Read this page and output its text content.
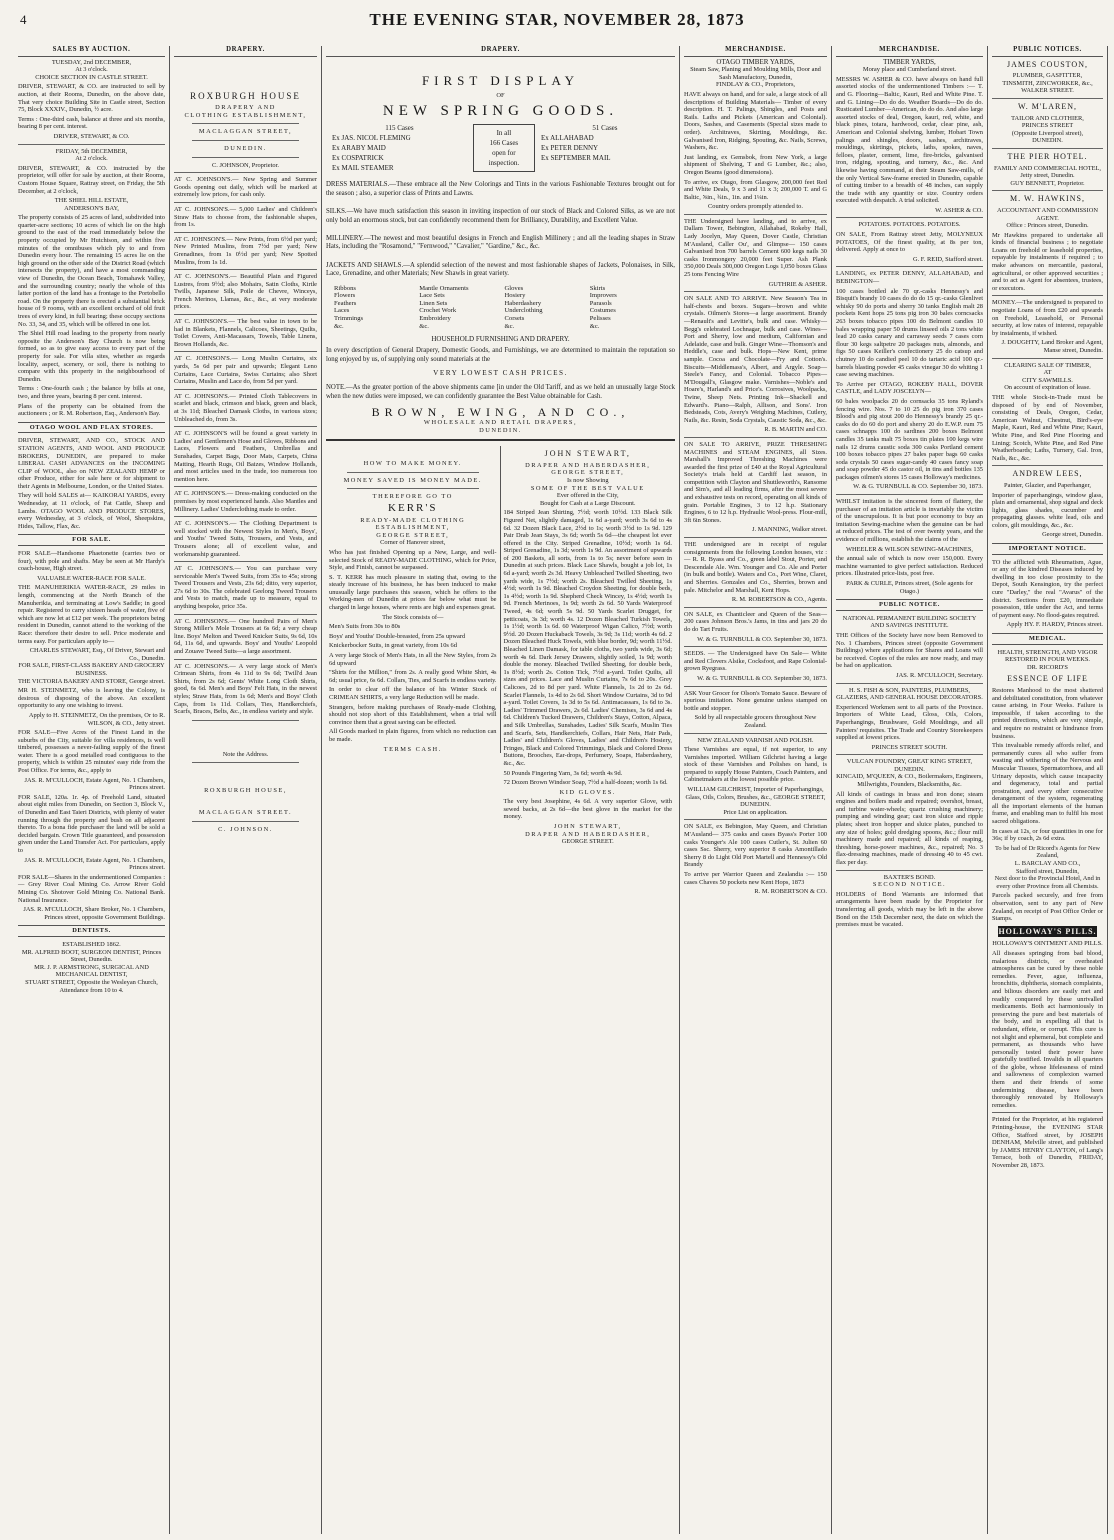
4	THE EVENING STAR, NOVEMBER 28, 1873
SALES BY AUCTION.
TUESDAY, 2nd DECEMBER,
At 3 o'clock.
CHOICE SECTION IN CASTLE STREET.
DRIVER, STEWART, & CO. are instructed to sell by auction, at their Rooms, Dunedin, on the above date, That very choice Building Site in Castle street, Section 75, Block XXXIV., Dunedin, ½ acre.
Terms : One-third cash, balance at three and six months, bearing 8 per cent. interest.
DRIVER, STEWART, & CO.
FRIDAY, 5th DECEMBER,
At 2 o'clock.
DRIVER, STEWART, & CO. instructed by the proprietor, will offer for sale by auction, at their Rooms, Custom House Square, Rattray street, on Friday, the 5th December, at 2 o'clock,
THE SHIEL HILL ESTATE,
ANDERSON'S BAY,
The property consists of 25 acres of land, subdivided into quarter-acre sections; 10 acres of which lie on the high ground to the east of the road immediately below the property occupied by Mr Hutchison, and within five minutes of the omnibuses which ply to and from Dunedin every hour. The remaining 15 acres lie on the high ground on the other side of the District Road (which intersects the property), and have a most commanding view of Dunedin, the Ocean Beach, Tomahawk Valley, and the surrounding country; nearly the whole of this latter portion of the land has a frontage to the Portobello road. On the property there is erected a substantial brick house of 9 rooms, with an excellent orchard of old fruit trees of every kind, in full bearing; these occupy sections No. 33, 34, and 35, which will be offered in one lot.
The Shiel Hill road leading to the property from nearly opposite the Anderson's Bay Church is now being formed, so as to give easy access to every part of the property for sale. For villa sites, whether as regards locality, aspect, scenery, or soil, there is nothing to compare with this property in the neighbourhood of Dunedin.
Terms : One-fourth cash ; the balance by bills at one, two, and three years, bearing 8 per cent. interest.
Plans of the property can be obtained from the auctioneers ; or R. M. Robertson, Esq., Anderson's Bay.
OTAGO WOOL AND FLAX STORES.
DRIVER, STEWART, AND CO., STOCK AND STATION AGENTS, AND WOOL AND PRODUCE BROKERS, DUNEDIN, are prepared to make LIBERAL CASH ADVANCES on the INCOMING CLIP of WOOL, also on NEW ZEALAND HEMP or other Produce, either for sale here or for shipment to their Agents in Melbourne, London, or the United States.
They will hold SALES at— KAIKORAI YARDS, every Wednesday, at 11 o'clock, of Fat Cattle, Sheep and Lambs. OTAGO WOOL AND PRODUCE STORES, every Wednesday, at 3 o'clock, of Wool, Sheepskins, Hides, Tallow, Flax, &c.
FOR SALE.
FOR SALE—Handsome Phaetonette (carries two or four), with pole and shafts. May be seen at Mr Hardy's coach-house, High street.
VALUABLE WATER-RACE FOR SALE.
THE MANUHERIKIA WATER-RACE, 29 miles in length, commencing at the North Branch of the Manuherikia, and terminating at Low's Saddle; in good repair. Registered to carry sixteen heads of water, five of which are now let at £12 per week. The proprietors being resident in Dunedin, cannot attend to the working of the Race: therefore their desire to sell. Price moderate and terms easy. For particulars apply to—
CHARLES STEWART, Esq., Of Driver, Stewart and Co., Dunedin.
FOR SALE, FIRST-CLASS BAKERY AND GROCERY BUSINESS.
THE VICTORIA BAKERY AND STORE, George street.
MR H. STEINMETZ, who is leaving the Colony, is desirous of disposing of the above. An excellent opportunity to any one wishing to invest.
Apply to H. STEINMETZ, On the premises, Or to R. WILSON, & CO., Jetty street.
FOR SALE—Five Acres of the Finest Land in the suburbs of the City, suitable for villa residences, is well timbered, possesses a never-failing supply of the finest water. There is a good metalled road contiguous to the property, which is within 25 minutes' easy ride from the Post Office. For terms, &c., apply to
JAS. R. M'CULLOCH, Estate Agent, No. 1 Chambers, Princes street.
FOR SALE, 120a. 1r. 4p. of Freehold Land, situated about eight miles from Dunedin, on Section 3, Block V., of Dunedin and East Taieri Districts, with plenty of water running through the property and bush on all adjacent thereto. To a bona fide purchaser the land will be sold a decided bargain. Crown Title guaranteed, and possession given under the Land Transfer Act. For particulars, apply to
JAS. R. M'CULLOCH, Estate Agent, No. 1 Chambers, Princes street.
FOR SALE—Shares in the undermentioned Companies :— Grey River Coal Mining Co. Arrow River Gold Mining Co. Shotover Gold Mining Co. National Bank. National Insurance.
JAS. R. M'CULLOCH, Share Broker, No. 1 Chambers, Princes street, opposite Government Buildings.
DENTISTS.
ESTABLISHED 1862.
MR. ALFRED BOOT, SURGEON DENTIST, Princes Street, Dunedin.
MR. J. P. ARMSTRONG, SURGICAL AND MECHANICAL DENTIST,
STUART STREET, Opposite the Wesleyan Church,
Attendance from 10 to 4.
DRAPERY.
ROXBURGH HOUSE
DRAPERY AND
CLOTHING ESTABLISHMENT,
MACLAGGAN STREET,
DUNEDIN.
C. JOHNSON, Proprietor.
AT C. JOHNSON'S.— New Spring and Summer Goods opening out daily, which will be marked at extremely low prices, for cash only.
AT C. JOHNSON'S.— 5,000 Ladies' and Children's Straw Hats to choose from, the fashionable shapes, from 1s.
AT C. JOHNSON'S.— New Prints, from 6½d per yard; New Printed Muslins, from 7½d per yard; New Grenadines, from 1s 0½d per yard; New Spotted Muslins, from 1s 1d.
AT C. JOHNSON'S.— Beautiful Plain and Figured Lustres, from 9½d; also Mohairs, Satin Cloths, Kirtle Twills, Japanese Silk, Poile de Chevre, Winceys, French Merinos, Llamas, &c., &c., at very moderate prices.
AT C. JOHNSON'S.— The best value in town to be had in Blankets, Flannels, Calicoes, Sheetings, Quilts, Toilet Covers, Anti-Macassars, Towels, Table Linens, Brown Hollands, &c.
AT C. JOHNSON'S.— Long Muslin Curtains, six yards, 5s 6d per pair and upwards; Elegant Leno Curtains, Lace Curtains, Swiss Curtains; also Short Curtains, Muslin and Lace do, from 5d per yard.
AT C. JOHNSON'S.— Printed Cloth Tablecovers in scarlet and black, crimson and black, green and black, at 3s 11d; Bleached Damask Cloths, in various sizes; Unbleached do, from 3s.
AT C. JOHNSON'S will be found a great variety in Ladies' and Gentlemen's Hose and Gloves, Ribbons and Laces, Flowers and Feathers, Umbrellas and Sunshades, Carpet Bags, Door Mats, Carpets, China Matting, Hearth Rugs, Oil Baizes, Window Hollands, and most articles used in the trade, too numerous too mention here.
AT C. JOHNSON'S.— Dress-making conducted on the premises by most experienced hands. Also Mantles and Millinery. Ladies' Underclothing made to order.
AT C. JOHNSON'S.— The Clothing Department is well stocked with the Newest Styles in Men's, Boys', and Youths' Tweed Suits, Trousers, and Vests, and Trousers alone; all of excellent value, and workmanship guaranteed.
AT C. JOHNSON'S.— You can purchase very serviceable Men's Tweed Suits, from 35s to 45s; strong Tweed Trousers and Vests, 23s 6d; ditto, very superior, 27s 6d to 30s. The celebrated Geelong Tweed Trousers and Vests to match, made up to measure, equal to anything bespoke, price 35s.
AT C. JOHNSON'S.— One hundred Pairs of Men's Strong Miller's Mole Trousers at 6s 6d; a very cheap line. Boys' Melton and Tweed Knicker Suits, 9s 6d, 10s 6d, 11s 6d, and upwards. Boys' and Youths' Leopold and Zouave Tweed Suits—a large assortment.
AT C. JOHNSON'S.— A very large stock of Men's Crimean Shirts, from 4s 11d to 9s 6d; Twill'd Jean Shirts, from 2s 6d; Gents' White Long Cloth Shirts, good, 6s 6d. Men's and Boys' Felt Hats, in the newest styles; Straw Hats, from 1s 6d; Men's and Boys' Cloth Caps, from 1s 11d. Collars, Ties, Handkerchiefs, Scarfs, Braces, Belts, &c., in endless variety and style.
Note the Address.
ROXBURGH HOUSE,
MACLAGGAN STREET.
C. JOHNSON.
DRAPERY.
FIRST DISPLAY
OF
NEW SPRING GOODS.
115 Cases
Ex JAS. NICOL FLEMING
Ex ARABY MAID
Ex COSPATRICK
Ex MAIL STEAMER
In all
166 Cases
open for
inspection.
51 Cases
Ex ALLAHABAD
Ex PETER DENNY
Ex SEPTEMBER MAIL
DRESS MATERIALS.—These embrace all the New Colorings and Tints in the various Fashionable Textures brought out for the season ; also, a superior class of Prints and Lawns.
SILKS.—We have much satisfaction this season in inviting inspection of our stock of Black and Colored Silks, as we are not only bold an enormous stock, but can confidently recommend them for Brilliancy, Durability, and Excellent Value.
MILLINERY.—The newest and most beautiful designs in French and English Millinery ; and all the leading shapes in Straw Hats, including the "Rosamond," "Fernwood," "Cavalier," "Gardine," &c., &c.
JACKETS AND SHAWLS.—A splendid selection of the newest and most fashionable shapes of Jackets, Polonaises, in Silk, Lace, Grenadine, and other Materials; New Shawls in great variety.
Ribbons
Flowers
Feathers
Laces
Trimmings
&c.
Mantle Ornaments
Lace Sets
Linen Sets
Crochet Work
Embroidery
&c.
Gloves
Hosiery
Haberdashery
Underclothing
Corsets
&c.
Skirts
Improvers
Parasols
Costumes
Pelisses
&c.
HOUSEHOLD FURNISHING AND DRAPERY.
In every description of General Drapery, Domestic Goods, and Furnishings, we are determined to maintain the reputation so long enjoyed by us, of supplying only sound materials at the
VERY LOWEST CASH PRICES.
NOTE.—As the greater portion of the above shipments came [in under the Old Tariff, and as we held an unusually large Stock when the new duties were imposed, we can confidently guarantee the Best Value obtainable for Cash.
BROWN, EWING, AND CO.,
WHOLESALE AND RETAIL DRAPERS,
DUNEDIN.
HOW TO MAKE MONEY.
MONEY SAVED IS MONEY MADE.
THEREFORE GO TO
KERR'S
READY-MADE CLOTHING
ESTABLISHMENT,
GEORGE STREET,
Corner of Hanover street,
Who has just finished Opening up a New, Large, and well-selected Stock of READY-MADE CLOTHING, which for Price, Style, and Finish, cannot be surpassed.
S. T. KERR has much pleasure in stating that, owing to the steady increase of his business, he has been induced to make unusually large purchases this season, which he offers to the Working-men of Dunedin at prices far below what must be charged in large houses, where rents are high and expenses great.
The Stock consists of—
Men's Suits from 30s to 80s
Boys' and Youths' Double-breasted, from 25s upward
Knickerbocker Suits, in great variety, from 10s 6d
A very large Stock of Men's Hats, in all the New Styles, from 2s 6d upward
"Shirts for the Million," from 2s. A really good White Shirt, 4s 6d; usual price, 6s 6d. Collars, Ties, and Scarfs in endless variety.
In order to clear off the balance of his Winter Stock of CRIMEAN SHIRTS, a very large Reduction will be made.
Strangers, before making purchases of Ready-made Clothing, should not stop short of this Establishment, when a trial will convince them that a great saving can be effected.
All Goods marked in plain figures, from which no reduction can be made.
TERMS CASH.
JOHN STEWART,
DRAPER AND HABERDASHER,
GEORGE STREET,
Is now Showing
SOME OF THE BEST VALUE
Ever offered in the City,
Bought for Cash at a Large Discount.
184 Striped Jean Shirting, 7½d; worth 10½d. 133 Black Silk Figured Net, slightly damaged, 1s 6d a-yard; worth 3s 6d to 4s 6d. 32 Dozen Black Lace, 2½d to 1s; worth 3½d to 1s 9d. 129 Pair Drab Jean Stays, 3s 6d; worth 5s 6d—the cheapest lot ever offered in the City. Striped Grenadine, 10½d; worth 1s 6d. Striped Grenadine, 1s 3d; worth 1s 9d. An assortment of upwards of 200 Baskets, all sorts, from 1s to 5s; never before seen in Dunedin at such prices. Black Lace Shawls, bought a job lot, 1s 6d a-yard; worth 2s 3d. Heavy Unbleached Twilled Sheeting, two yards wide, 1s 7½d; worth 2s. Bleached Twilled Sheeting, 1s 4½d; worth 1s 9d. Bleached Croydon Sheeting, for double beds, 1s 4½d; worth 1s 9d. Shepherd Check Wincey, 1s 4½d; worth 1s 9d. French Merinoes, 1s 9d; worth 2s 6d. 50 Yards Waterproof Tweed, 4s 6d; worth 5s 9d. 50 Yards Scarlet Drugget, for petticoats, 3s 3d; worth 4s. 12 Dozen Bleached Turkish Towels, 1s 1½d; worth 1s 6d. 60 Waterproof Wigan Calico, 7½d; worth 9½d. 20 Dozen Huckaback Towels, 3s 9d; 3s 11d; worth 4s 6d. 2 Dozen Bleached Huck Towels, with blue border, 9d; worth 11½d. Bleached Linen Damask, for table cloths, two yards wide, 3s 6d; worth 4s 6d. Dark Jersey Drawers, slightly soiled, 1s 9d; worth double the money. Bleached Twilled Sheeting, for double beds, 1s 8½d; worth 2s. Cotton Tick, 7½d a-yard. Toilet Quilts, all sizes and prices. Lace and Muslin Curtains, 7s 6d to 20s. Grey Calicoes, 2d to 8d per yard. White Flannels, 1s 2d to 2s 6d. Scarlet Flannels, 1s 4d to 2s 6d. Short Window Curtains, 3d to 9d a-yard. Toilet Covers, 1s 3d to 5s 6d. Antimacassars, 1s 6d to 3s. Ladies' Trimmed Drawers, 2s 6d. Ladies' Chemises, 3s 6d and 4s 6d. Children's Tucked Drawers, Children's Stays, Cotton, Alpaca, and Silk Umbrellas, Sunshades, Ladies' Silk Scarfs, Muslin Ties and Scarfs, Sets, Handkerchiefs, Collars, Hair Nets, Hair Pads, Ladies' and Children's Gloves, Ladies' and Children's Hosiery, Fringes, Black and Colored Trimmings, Black and Colored Dress Buttons, Brooches, Ear-drops, Perfumery, Soaps, Haberdashery, &c., &c.
50 Pounds Fingering Yarn, 3s 6d; worth 4s 9d.
72 Dozen Brown Windsor Soap, 7½d a half-dozen; worth 1s 6d.
KID GLOVES.
The very best Josephine, 4s 6d. A very superior Glove, with sewed backs, at 2s 6d—the best glove in the market for the money.
JOHN STEWART,
DRAPER AND HABERDASHER,
GEORGE STREET.
MERCHANDISE.
OTAGO TIMBER YARDS,
Steam Saw, Planing and Moulding Mills, Door and Sash Manufactory, Dunedin,
FINDLAY & CO., Proprietors,
HAVE always on hand, and for sale, a large stock of all descriptions of Building Materials— Timber of every description. H. T. Palings, Shingles, and Posts and Rails. Laths and Pickets (American and Colonial). Doors, Sashes, and Casements (Special sizes made to order). Architraves, Skirting, Mouldings, &c. Galvanised Iron, Ridging, Spouting, &c. Nails, Screws, Washers, &c.
Just landing, ex Gemsbok, from New York, a large shipment of Shelving, T and G Lumber, &c.; also, Oregon Beams (good dimensions).
To arrive, ex Otago, from Glasgow, 200,000 feet Red and White Deals, 9 x 3 and 11 x 3; 200,000 T. and G Baltic, ⅝in., ¾in., 1in. and 1¼in.
Country orders promptly attended to.
THE Undersigned have landing, and to arrive, ex Dallam Tower, Bebington, Allahabad, Rokeby Hall, Lady Jocelyn, May Queen, Dover Castle, Christian M'Ausland, Caller Ou', and Glimpse— 150 cases Galvanised Iron 700 barrels Cement 600 kegs nails 30 casks Ironmongery 20,000 feet Super. Ash Plank 350,000 Deals 300,000 Oregon Logs 1,050 boxes Glass 25 tons Fencing Wire
GUTHRIE & ASHER.
ON SALE AND TO ARRIVE. New Season's Tea in half-chests and boxes. Sugars—brown and white crystals. Oilmen's Stores—a large assortment. Brandy—Renault's and Levitte's, bulk and case. Whisky—Begg's celebrated Lochnagar, bulk and case. Wines—Port and Sherry, low and medium, Californian and Adelaide, case and bulk. Ginger Wine—Thomson's and Heddle's, case and bulk. Hops—New Kent, prime sample. Cocoa and Chocolate—Fry and Cotton's. Biscuits—Middlemass's, Albert, and Argyle. Soap—Steele's Fancy, and Colonial. Tobacco Pipes—M'Dougall's, Glasgow make. Varnishes—Noble's and Hoare's, Harland's and Price's. Corrosives, Woolpacks, Twine, Sheep Nets. Printing Ink—Shackell and Edward's. Piano—Ralph, Allison, and Sons'. Iron Bedsteads, Cots, Avery's Weighing Machines, Cutlery, Nails, &c. Resin, Soda Crystals, Caustic Soda, &c., &c.
R. B. MARTIN and CO.
ON SALE TO ARRIVE, PRIZE THRESHING MACHINES and STEAM ENGINES, all Sizes. Marshall's Improved Threshing Machines were awarded the first prize of £40 at the Royal Agricultural Society's trials held at Cardiff last season, in competition with Clayton and Shuttleworth's, Ransome and Sim's, and all leading firms, after the most severe and exhaustive tests on record, operating on all kinds of grain. Portable Engines, 3 to 12 h.p. Stationary Engines, 6 to 12 h.p. Hydraulic Wool-press. Flour-mill, 3ft 6in Stones.
J. MANNING, Walker street.
THE undersigned are in receipt of regular consignments from the following London houses, viz :— R. R. Byass and Co., green label Stout, Porter, and Descendale Ale. Wm. Younger and Co. Ale and Porter (in bulk and bottle). Waters and Co., Port Wine, Claret, and Sherries. Gonzales and Co., Sherries, brown and pale. Mitchelor and Marshall, Kent Hops.
R. M. ROBERTSON & CO., Agents.
ON SALE, ex Chanticleer and Queen of the Seas— 200 cases Johnson Bros.'s Jams, in tins and jars 20 do do do Tart Fruits.
W. & G. TURNBULL & CO. September 30, 1873.
SEEDS. — The Undersigned have On Sale— White and Red Clovers Alsike, Cocksfoot, and Rape Colonial-grown Ryegrass.
W. & G. TURNBULL & CO. September 30, 1873.
ASK Your Grocer for Olson's Tomato Sauce. Beware of spurious imitation. None genuine unless stamped on bottle and stopper.
Sold by all respectable grocers throughout New Zealand.
NEW ZEALAND VARNISH AND POLISH.
These Varnishes are equal, if not superior, to any Varnishes imported. William Gilchrist having a large stock of these Varnishes and Polishes on hand, is prepared to supply House Painters, Coach Painters, and Cabinetmakers at the lowest possible price.
WILLIAM GILCHRIST, Importer of Paperhangings, Glass, Oils, Colors, Brushes, &c., GEORGE STREET, DUNEDIN.
Price List on application.
ON SALE, ex Bebington, May Queen, and Christian M'Ausland— 375 casks and cases Byass's Porter 100 casks Younger's Ale 100 cases Cutler's, St. Julien 60 cases Ssc. Sherry, very superior 8 casks Amontillado Sherry 8 do Light Old Port Martell and Hennessy's Old Brandy
To arrive per Warrior Queen and Zealandia :— 150 cases Chaves 50 pockets new Kent Hops, 1873
R. M. ROBERTSON & CO.
MERCHANDISE.
TIMBER YARDS,
Moray place and Cumberland street.
MESSRS W. ASHER & CO. have always on hand full assorted stocks of the undermentioned Timbers :— T. and G. Flooring—Baltic, Kauri, Red and White Pine. T. and G. Lining—Do do do. Weather Boards—Do do do. Rusticated Lumber—American, do do do. And also large assorted stocks of deal, Oregon, kauri, red, white, and black pines, totara, hardwood, cedar, clear pine, ash, American and Colonial shelving, lumber, Hobart Town palings and shingles, doors, sashes, architraves, mouldings, skirtings, pickets, laths, spokes, naves, felloes, plaster, cement, lime, fire-bricks, galvanised iron, ridging, spouting, and turnery, &c., &c. And likewise having command, at their Steam Saw-mills, of the only Vertical Saw-frame erected in Dunedin, capable of cutting timber to a breadth of 48 inches, can supply the trade with any quantity or size. Country orders executed with despatch. A trial solicited.
W. ASHER & CO.
POTATOES. POTATOES. POTATOES.
ON SALE, From Rattray street Jetty, MOLYNEUX POTATOES, Of the finest quality, at 8s per ton, delivered. Apply at once to
G. F. REID, Stafford street.
LANDING, ex PETER DENNY, ALLAHABAD, and BEBINGTON—
100 cases bottled ale 70 qr.-casks Hennessy's and Bisquit's brandy 10 cases do do do 15 qr.-casks Glenlivet whisky 90 do ports and sherry 30 tanks English malt 28 pockets Kent hops 25 tons pig iron 30 bales corncsacks 263 boxes tobacco pipes 100 do Belmont candles 10 bales wrapping paper 50 drums linseed oils 2 tons white lead 20 casks canary and carraway seeds 7 cases corn flour 30 kegs saltpetre 20 packages nuts, almonds, and figs 50 cases Keiller's confectionery 25 do catsup and chutney 10 do candied peel 10 do tartaric acid 100 qr.-barrels blasting powder 45 casks vinegar 30 do whiting 1 case sewing machines.
To Arrive per OTAGO, ROKEBY HALL, DOVER CASTLE, and LADY JOSCELYN—
60 bales woolpacks 20 do cornsacks 35 tons Ryland's fencing wire. Nos. 7 to 10 25 do pig iron 370 cases Blood's and pig stout 200 do Hennessy's brandy 25 qr.-casks do do 60 do port and sherry 20 do E.W.P. rum 75 cases schnapps 100 do sardines 200 boxes Belmont candles 35 tanks malt 75 boxes tin plates 100 kegs wire nails 12 drums caustic soda 300 casks Portland cement 100 boxes tobacco pipes 27 bales paper bags 60 casks soda crystals 50 cases sugar-candy 40 cases fancy soap and soap powder 45 do castor oil, in tins and bottles 135 packages oilmen's stores 15 cases Holloway's medicines.
W. & G. TURNBULL & CO. September 30, 1873.
WHILST imitation is the sincerest form of flattery, the purchaser of an imitation article is invariably the victim of the unscrupulous. It is but poor economy to buy an imitation Sewing-machine when the genuine can be had at reduced prices. The test of over twenty years, and the evidence of millions, establish the claims of the
WHEELER & WILSON SEWING-MACHINES,
the annual sale of which is now over 150,000. Every machine warranted to give perfect satisfaction. Reduced prices. Illustrated price-lists, post free.
PARK & CURLE, Princes street, (Sole agents for Otago.)
PUBLIC NOTICE.
NATIONAL PERMANENT BUILDING SOCIETY AND SAVINGS INSTITUTE.
THE Offices of the Society have now been Removed to No. 1 Chambers, Princes street (opposite Government Buildings) where applications for Shares and Loans will be received. Copies of the rules are now ready, and may be had on application.
JAS. R. M'CULLOCH, Secretary.
H. S. FISH & SON, PAINTERS, PLUMBERS, GLAZIERS, AND GENERAL HOUSE DECORATORS.
Experienced Workmen sent to all parts of the Province. Importers of White Lead, Gloss, Oils, Colors, Paperhangings, Brushware, Gold Mouldings, and all Painters' requisites. The Trade and Country Storekeepers supplied at lowest prices.
PRINCES STREET SOUTH.
VULCAN FOUNDRY, GREAT KING STREET, DUNEDIN.
KINCAID, M'QUEEN, & CO., Boilermakers, Engineers, Millwrights, Founders, Blacksmiths, &c.
All kinds of castings in brass and iron done; steam engines and boilers made and repaired; overshot, breast, and turbine water-wheels; quartz crushing machinery; pumping and winding gear; cast iron sluice and ripple plates; sheet iron hopper and sluice plates, punched to any size of holes; gold dredging spoons, &c.; flour mill machinery made and repaired; all kinds of reaping, threshing, horse-power machines, &c., repaired; No. 3 flax-dressing machines, made of dressing 40 to 45 cwt. flax per day.
BAXTER'S BOND.
SECOND NOTICE.
HOLDERS of Bond Warrants are informed that arrangements have been made by the Proprietor for transferring all goods, which may be left in the above Bond on the 15th December next, the date on which the premises must be vacated.
PUBLIC NOTICES.
JAMES COUSTON,
PLUMBER, GASFITTER,
TINSMITH, ZINCWORKER, &c.,
WALKER STREET.
W. M'LAREN,
TAILOR AND CLOTHIER,
PRINCES STREET
(Opposite Liverpool street),
DUNEDIN.
THE PIER HOTEL.
FAMILY AND COMMERCIAL HOTEL,
Jetty street, Dunedin.
GUY BENNETT, Proprietor.
M. W. HAWKINS,
ACCOUNTANT AND COMMISSION AGENT.
Office : Princes street, Dunedin.
Mr Hawkins prepared to undertake all kinds of financial business ; to negotiate Loans on freehold or leasehold properties, repayable by instalments if required ; to make advances on mercantile, pastoral, agricultural, or other approved securities ; and to act as Agent for absentees, trustees, or executors.
MONEY.—The undersigned is prepared to negotiate Loans of from £20 and upwards on Freehold, Leasehold, or Personal security, at low rates of interest, repayable by instalments, if wished.
J. DOUGHTY, Land Broker and Agent, Manse street, Dunedin.
CLEARING SALE OF TIMBER,
AT
CITY SAWMILLS.
On account of expiration of lease.
THE whole Stock-in-Trade must be disposed of by end of November, consisting of Deals, Oregon, Cedar, American Walnut, Chestnut, Bird's-eye Maple, Kauri, Red and White Pine; Kauri, White Pine, and Red Pine Flooring and Lining; Scotch, White Pine, and Red Pine Weatherboards; Laths, Turnery, Gal. Iron, Nails, &c., &c.
ANDREW LEES,
Painter, Glazier, and Paperhanger,
Importer of paperhangings, window glass, plain and ornamental, shop signal and deck lights, glass shades, cucumber and propagating glasses. white lead, oils and colors, gilt mouldings, &c., &c.
George street, Dunedin.
IMPORTANT NOTICE.
TO the afflicted with Rheumatism, Ague, or any of the kindred Diseases induced by dwelling in too close proximity to the Depot, South Kensington, try the perfect cure "Darley," the real "Avarus" of the district. Sections from £20, immediate possession, title under the Act, and terms of payment easy. No flood-gates required.
Apply HY. F. HARDY, Princes street.
MEDICAL.
HEALTH, STRENGTH, AND VIGOR RESTORED IN FOUR WEEKS.
DR. RICORD'S
ESSENCE OF LIFE
Restores Manhood to the most shattered and debilitated constitution, from whatever cause arising, in Four Weeks. Failure is impossible, if taken according to the printed directions, which are very simple, and require no restraint or hindrance from business.
This invaluable remedy affords relief, and permanently cures all who suffer from wasting and withering of the Nervous and Muscular Tissues, Spermatorrhoea, and all Urinary deposits, which cause incapacity and degeneracy, total and partial prostration, and every other consecutive derangement of the system, regenerating all the important elements of the human frame, and enabling man to fulfil his most sacred obligations.
In cases at 12s, or four quantities in one for 36s; if by coach, 2s 6d extra.
To be had of Dr Ricord's Agents for New Zealand,
L. BARCLAY AND CO.,
Stafford street, Dunedin,
Next door to the Provincial Hotel, And in every other Province from all Chemists.
Parcels packed securely, and free from observation, sent to any part of New Zealand, on receipt of Post Office Order or Stamps.
HOLLOWAY'S PILLS.
HOLLOWAY'S OINTMENT AND PILLS.
All diseases springing from bad blood, malarious districts, or overheated atmospheres can be cured by these noble remedies. Fever, ague, influenza, bronchitis, diphtheria, stomach complaints, and bilious disorders are easily met and readily conquered by these unrivalled medicaments. Both act harmoniously in preserving the pure and best materials of the body, and in expelling all that is redundant, effete, or corrupt. This cure is not slight and ephemeral, but complete and permanent, as thousands who have personally tested their power have gratefully testified. Invalids in all quarters of the globe, whose lifelessness of mind and sallowness of complexion warned them and their friends of some undermining disease, have been thoroughly renovated by Holloway's remedies.
Printed for the Proprietor, at his registered Printing-house, the EVENING STAR Office, Stafford street, by JOSEPH DENHAM, Melville street, and published by JAMES HENRY CLAYTON, of Lang's Terrace, both of Dunedin, FRIDAY, November 28, 1873.
